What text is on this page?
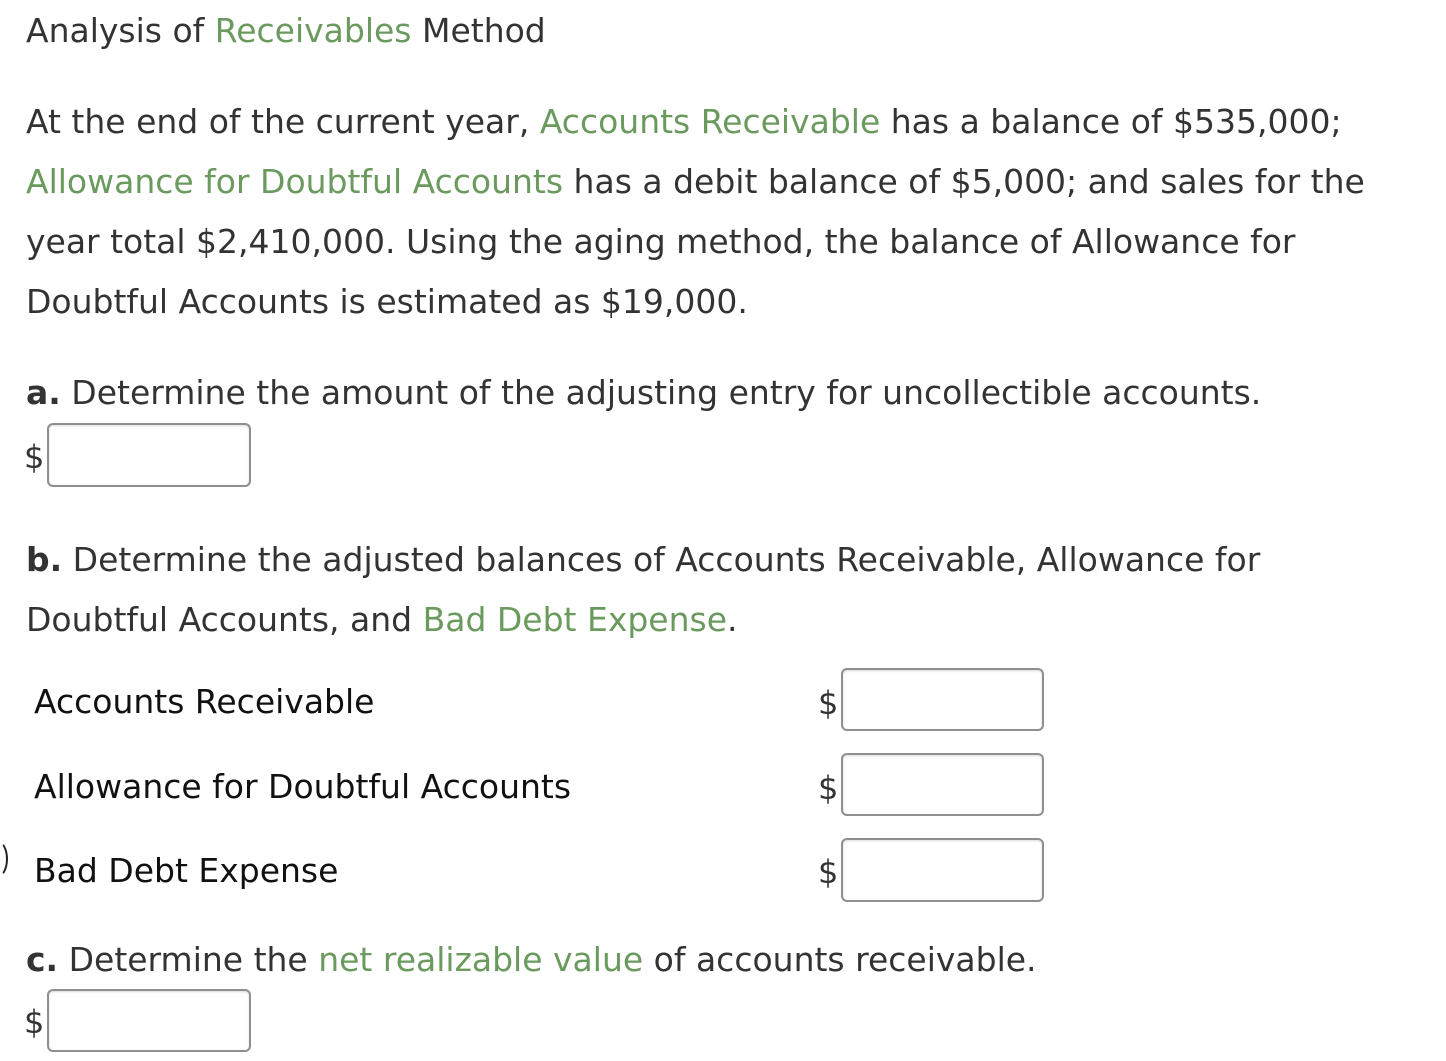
Analysis of Receivables Method
At the end of the current year, Accounts Receivable has a balance of $535,000;
Allowance for Doubtful Accounts has a debit balance of $5,000; and sales for the
year total $2,410,000. Using the aging method, the balance of Allowance for
Doubtful Accounts is estimated as $19,000.
a. Determine the amount of the adjusting entry for uncollectible accounts.
$
b. Determine the adjusted balances of Accounts Receivable, Allowance for
Doubtful Accounts, and Bad Debt Expense.
Accounts Receivable	$
Allowance for Doubtful Accounts	$
Bad Debt Expense	$
c. Determine the net realizable value of accounts receivable.
$
